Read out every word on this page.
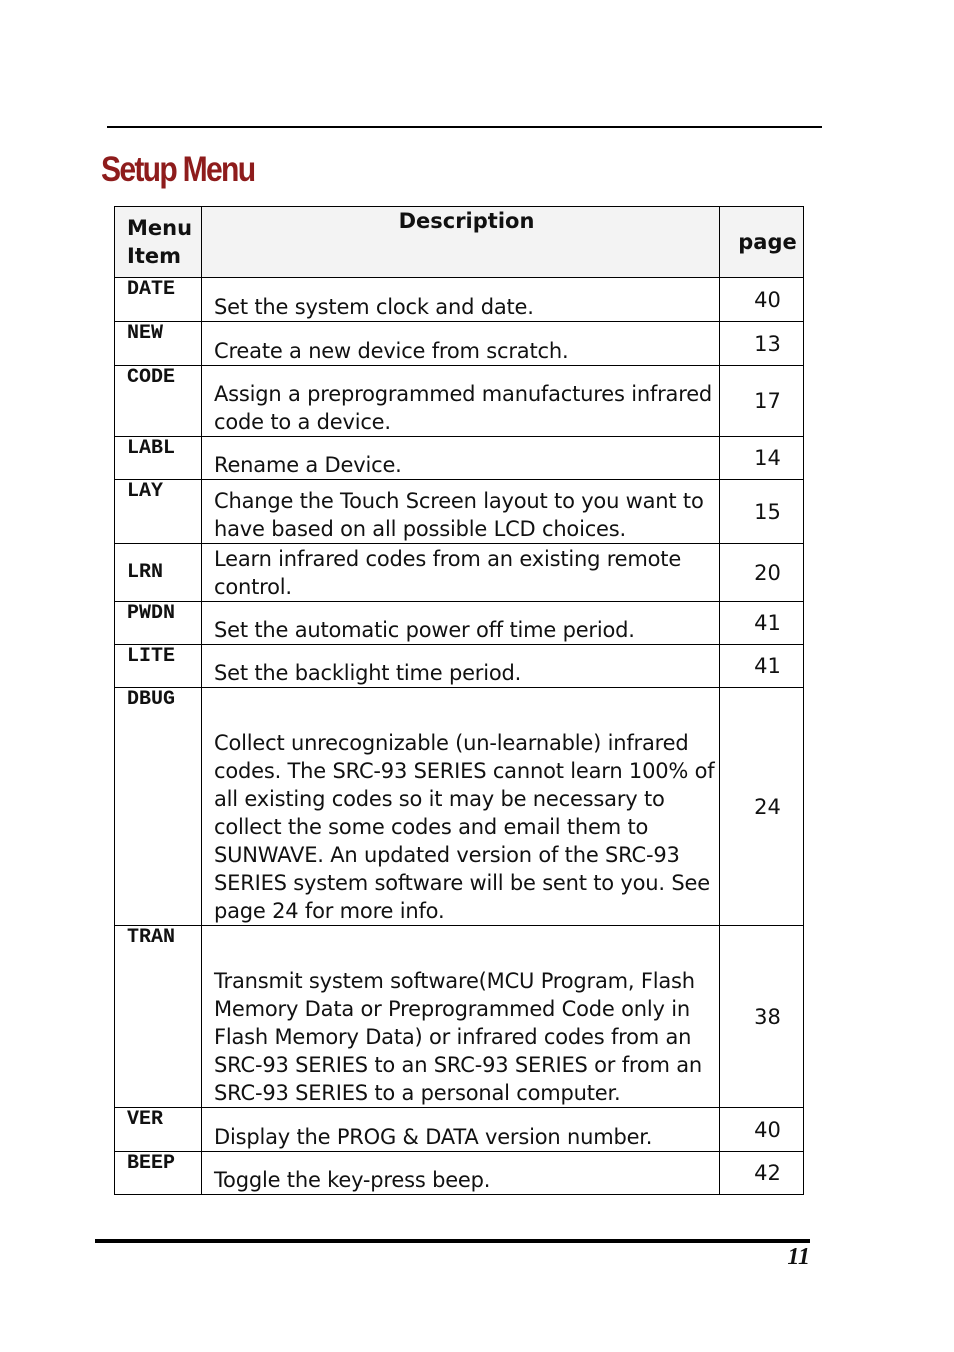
Setup Menu
Menu Item	Description	page
DATE	Set the system clock and date.	40
NEW	Create a new device from scratch.	13
CODE	Assign a preprogrammed manufactures infrared code to a device.	17
LABL	Rename a Device.	14
LAY	Change the Touch Screen layout to you want to have based on all possible LCD choices.	15
LRN	Learn infrared codes from an existing remote control.	20
PWDN	Set the automatic power off time period.	41
LITE	Set the backlight time period.	41
DBUG	Collect unrecognizable (un-learnable) infrared codes. The SRC-93 SERIES cannot learn 100% of all existing codes so it may be necessary to collect the some codes and email them to SUNWAVE. An updated version of the SRC-93 SERIES system software will be sent to you. See page 24 for more info.	24
TRAN	Transmit system software(MCU Program, Flash Memory Data or Preprogrammed Code only in Flash Memory Data) or infrared codes from an SRC-93 SERIES to an SRC-93 SERIES or from an SRC-93 SERIES to a personal computer.	38
VER	Display the PROG & DATA version number.	40
BEEP	Toggle the key-press beep.	42
11
